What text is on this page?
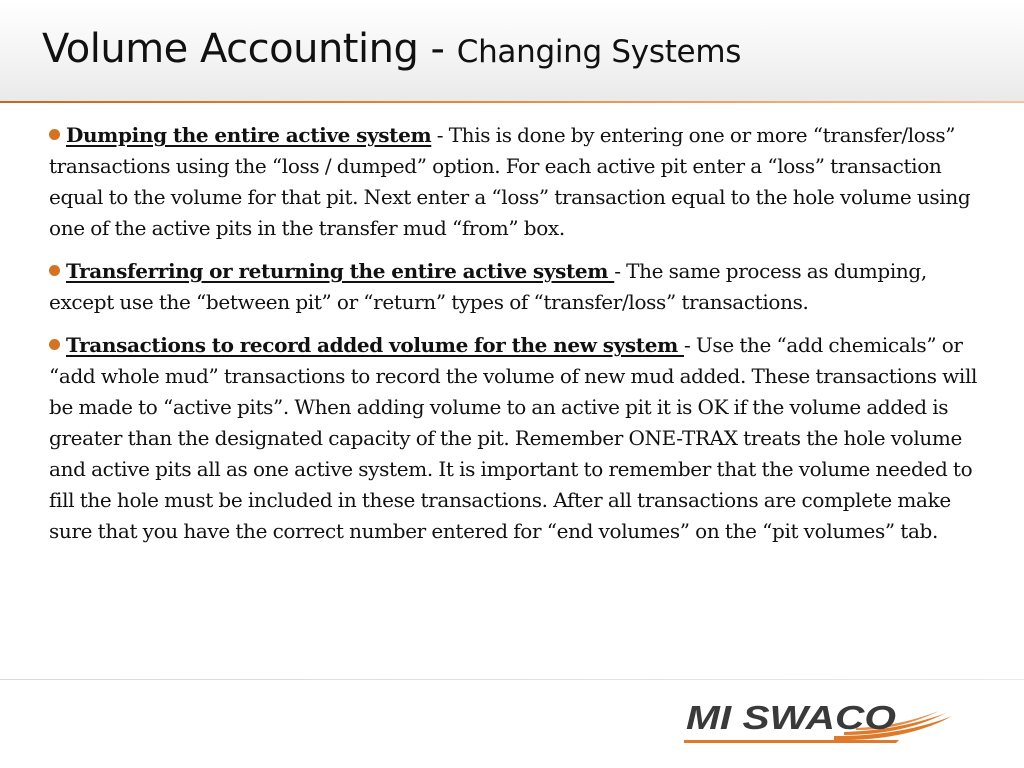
Volume Accounting - Changing Systems

Dumping the entire active system - This is done by entering one or more “transfer/loss” transactions using the “loss / dumped” option. For each active pit enter a “loss” transaction equal to the volume for that pit. Next enter a “loss” transaction equal to the hole volume using one of the active pits in the transfer mud “from” box.

Transferring or returning the entire active system - The same process as dumping, except use the “between pit” or “return” types of “transfer/loss” transactions.

Transactions to record added volume for the new system - Use the “add chemicals” or “add whole mud” transactions to record the volume of new mud added. These transactions will be made to “active pits”. When adding volume to an active pit it is OK if the volume added is greater than the designated capacity of the pit. Remember ONE-TRAX treats the hole volume and active pits all as one active system. It is important to remember that the volume needed to fill the hole must be included in these transactions. After all transactions are complete make sure that you have the correct number entered for “end volumes” on the “pit volumes” tab.

MI SWACO
